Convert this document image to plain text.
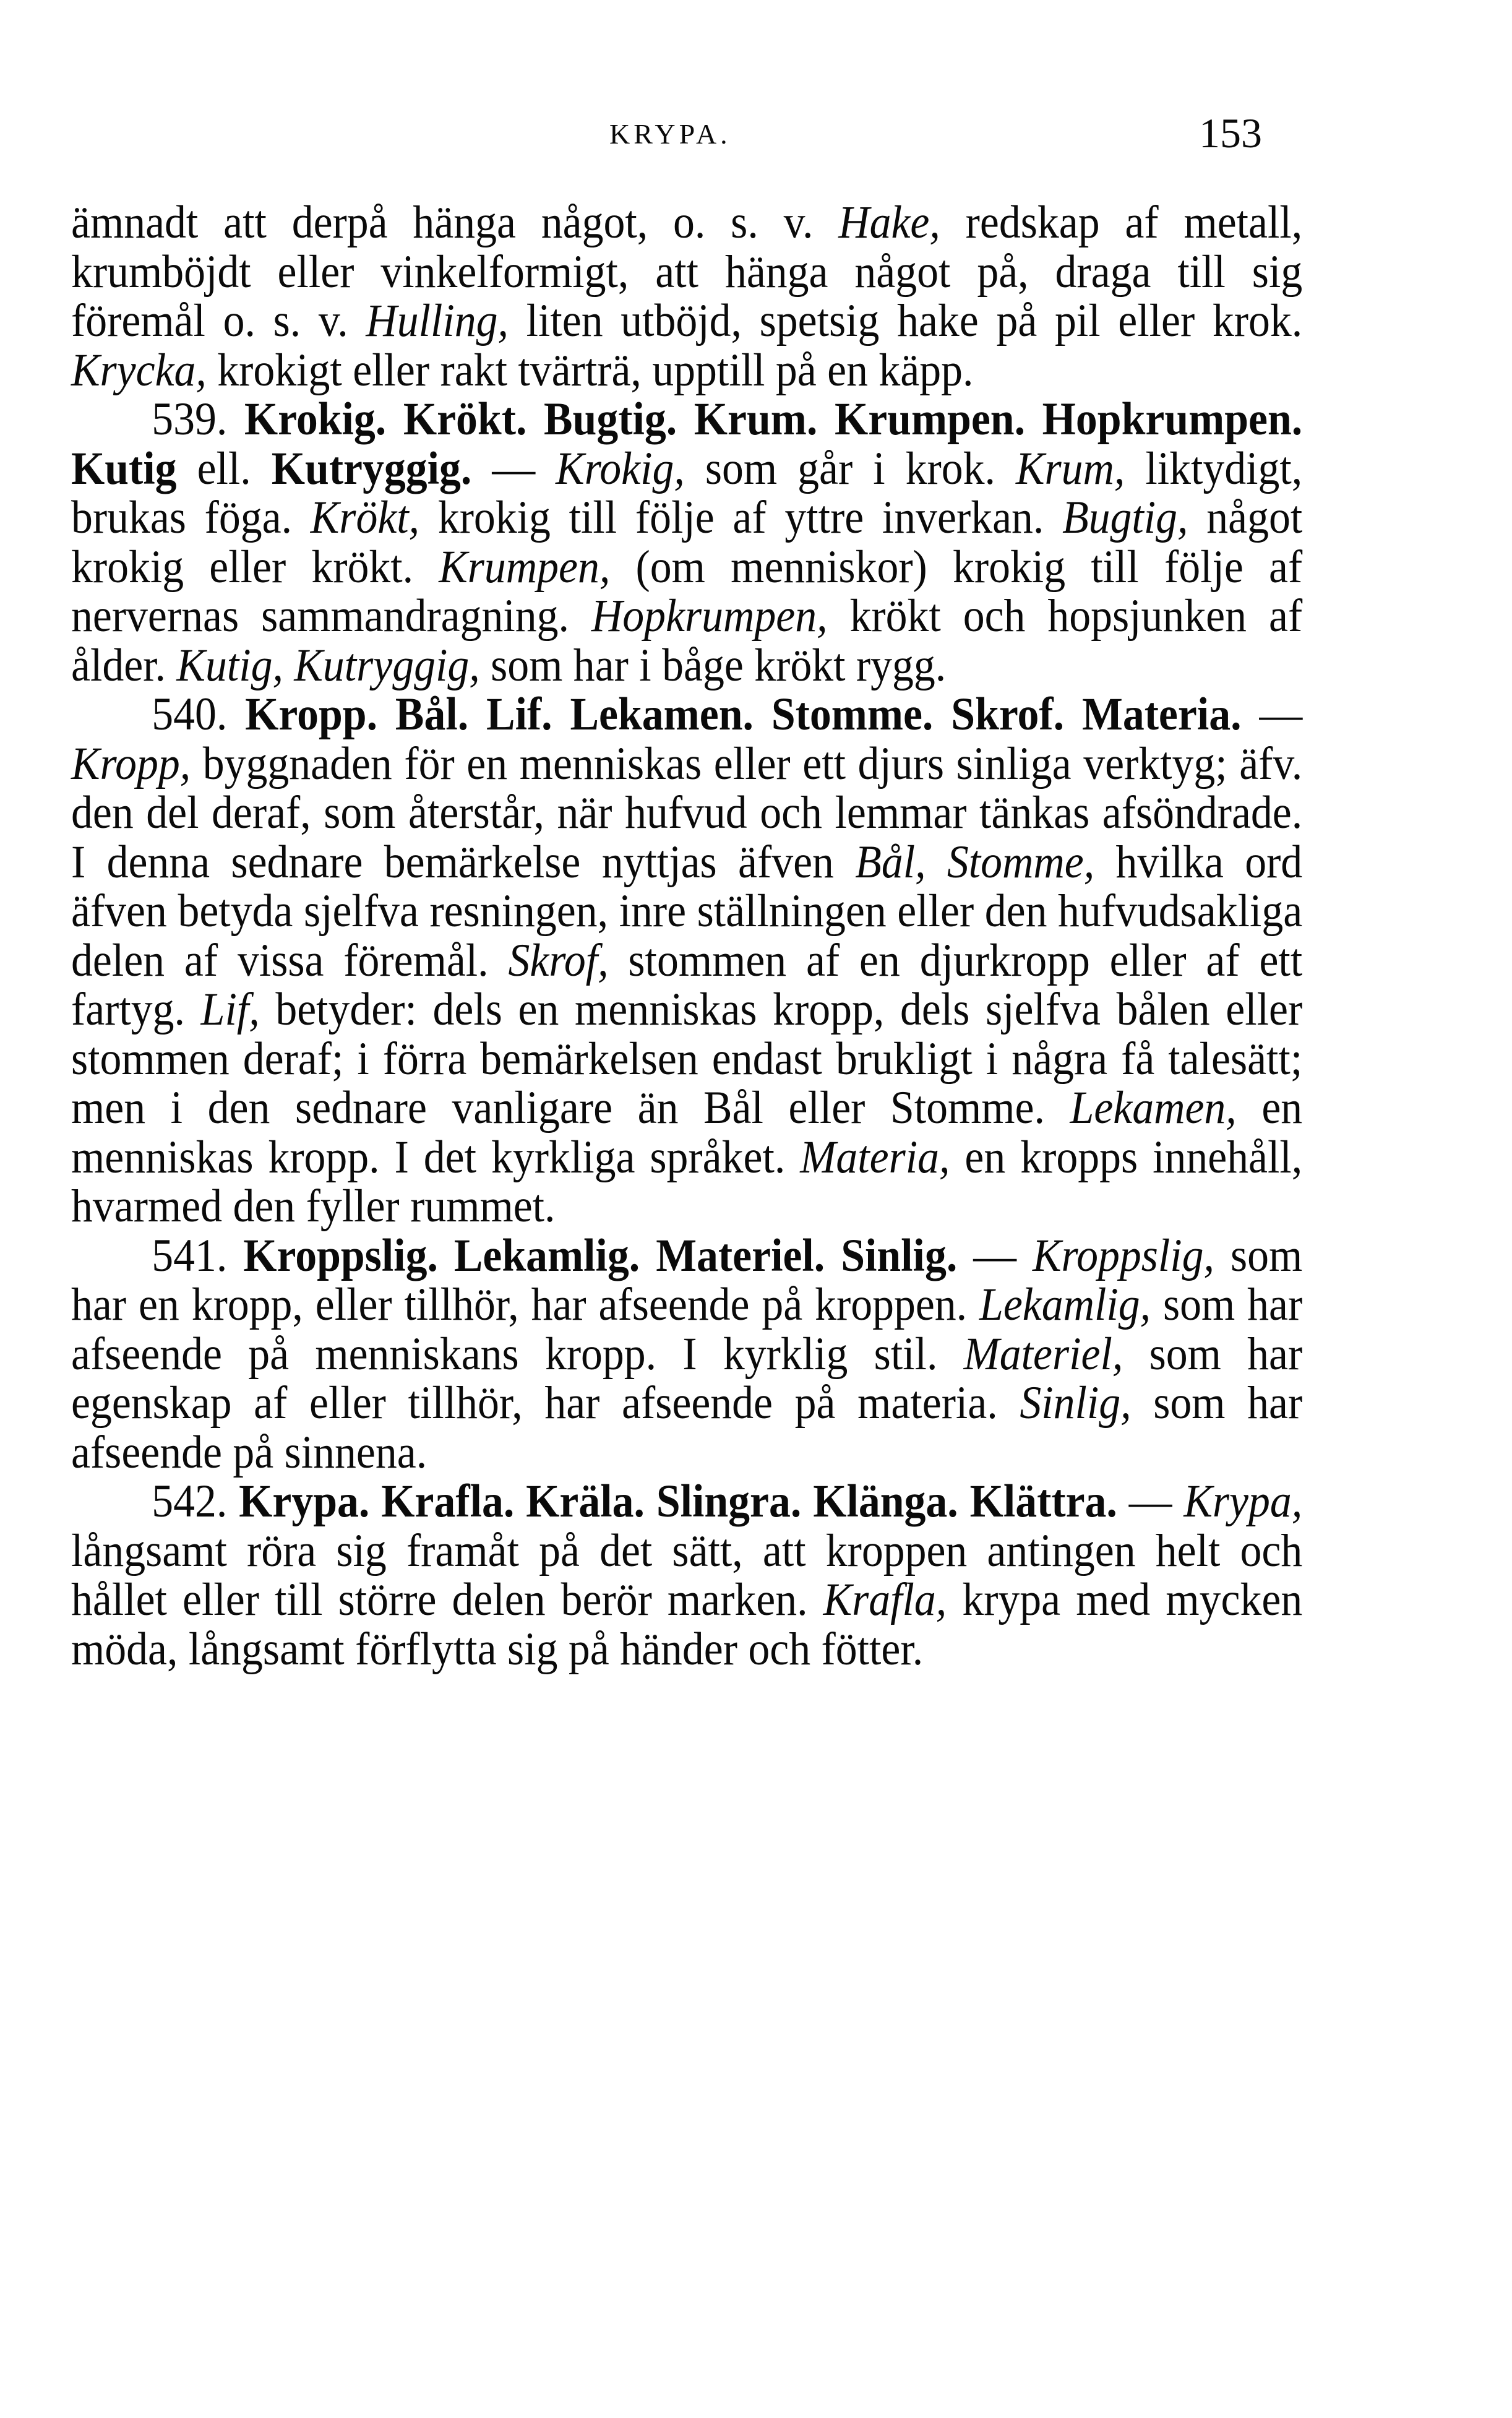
KRYPA.	153

ämnadt att derpå hänga något, o. s. v. Hake, redskap af metall, krumböjdt eller vinkelformigt, att hänga något på, draga till sig föremål o. s. v. Hulling, liten utböjd, spetsig hake på pil eller krok. Krycka, krokigt eller rakt tvärträ, upptill på en käpp.

539. Krokig. Krökt. Bugtig. Krum. Krumpen. Hopkrumpen. Kutig ell. Kutryggig. — Krokig, som går i krok. Krum, liktydigt, brukas föga. Krökt, krokig till följe af yttre inverkan. Bugtig, något krokig eller krökt. Krumpen, (om menniskor) krokig till följe af nervernas sammandragning. Hopkrumpen, krökt och hopsjunken af ålder. Kutig, Kutryggig, som har i båge krökt rygg.

540. Kropp. Bål. Lif. Lekamen. Stomme. Skrof. Materia. — Kropp, byggnaden för en menniskas eller ett djurs sinliga verktyg; äfv. den del deraf, som återstår, när hufvud och lemmar tänkas afsöndrade. I denna sednare bemärkelse nyttjas äfven Bål, Stomme, hvilka ord äfven betyda sjelfva resningen, inre ställningen eller den hufvudsakliga delen af vissa föremål. Skrof, stommen af en djurkropp eller af ett fartyg. Lif, betyder: dels en menniskas kropp, dels sjelfva bålen eller stommen deraf; i förra bemärkelsen endast brukligt i några få talesätt; men i den sednare vanligare än Bål eller Stomme. Lekamen, en menniskas kropp. I det kyrkliga språket. Materia, en kropps innehåll, hvarmed den fyller rummet.

541. Kroppslig. Lekamlig. Materiel. Sinlig. — Kroppslig, som har en kropp, eller tillhör, har afseende på kroppen. Lekamlig, som har afseende på menniskans kropp. I kyrklig stil. Materiel, som har egenskap af eller tillhör, har afseende på materia. Sinlig, som har afseende på sinnena.

542. Krypa. Krafla. Kräla. Slingra. Klänga. Klättra. — Krypa, långsamt röra sig framåt på det sätt, att kroppen antingen helt och hållet eller till större delen berör marken. Krafla, krypa med mycken möda, långsamt förflytta sig på händer och fötter.
